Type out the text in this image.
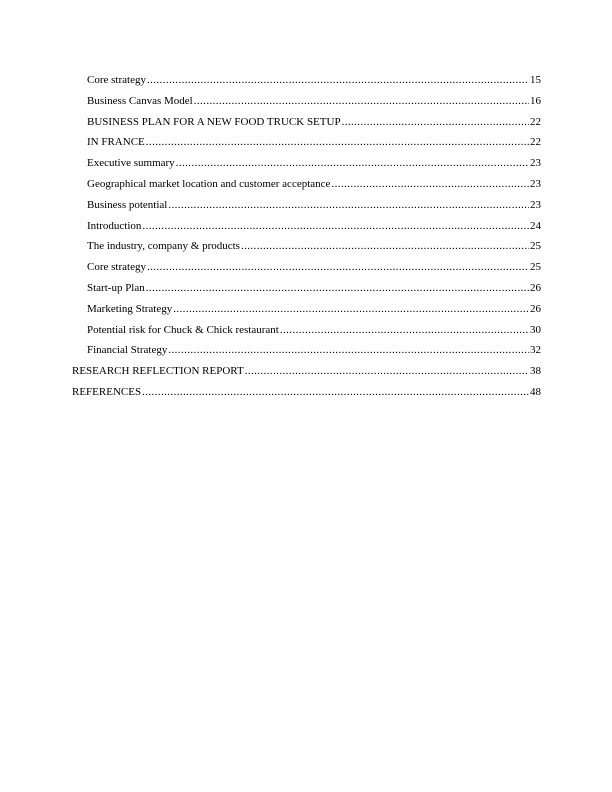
Core strategy .....	15
Business Canvas Model .....	16
BUSINESS PLAN FOR A NEW FOOD TRUCK SETUP .....	22
IN FRANCE .....	22
Executive summary .....	23
Geographical market location and customer acceptance .....	23
Business potential .....	23
Introduction .....	24
The industry, company & products .....	25
Core strategy .....	25
Start-up Plan .....	26
Marketing Strategy .....	26
Potential risk for Chuck & Chick restaurant .....	30
Financial Strategy .....	32
RESEARCH REFLECTION REPORT .....	38
REFERENCES .....	48
